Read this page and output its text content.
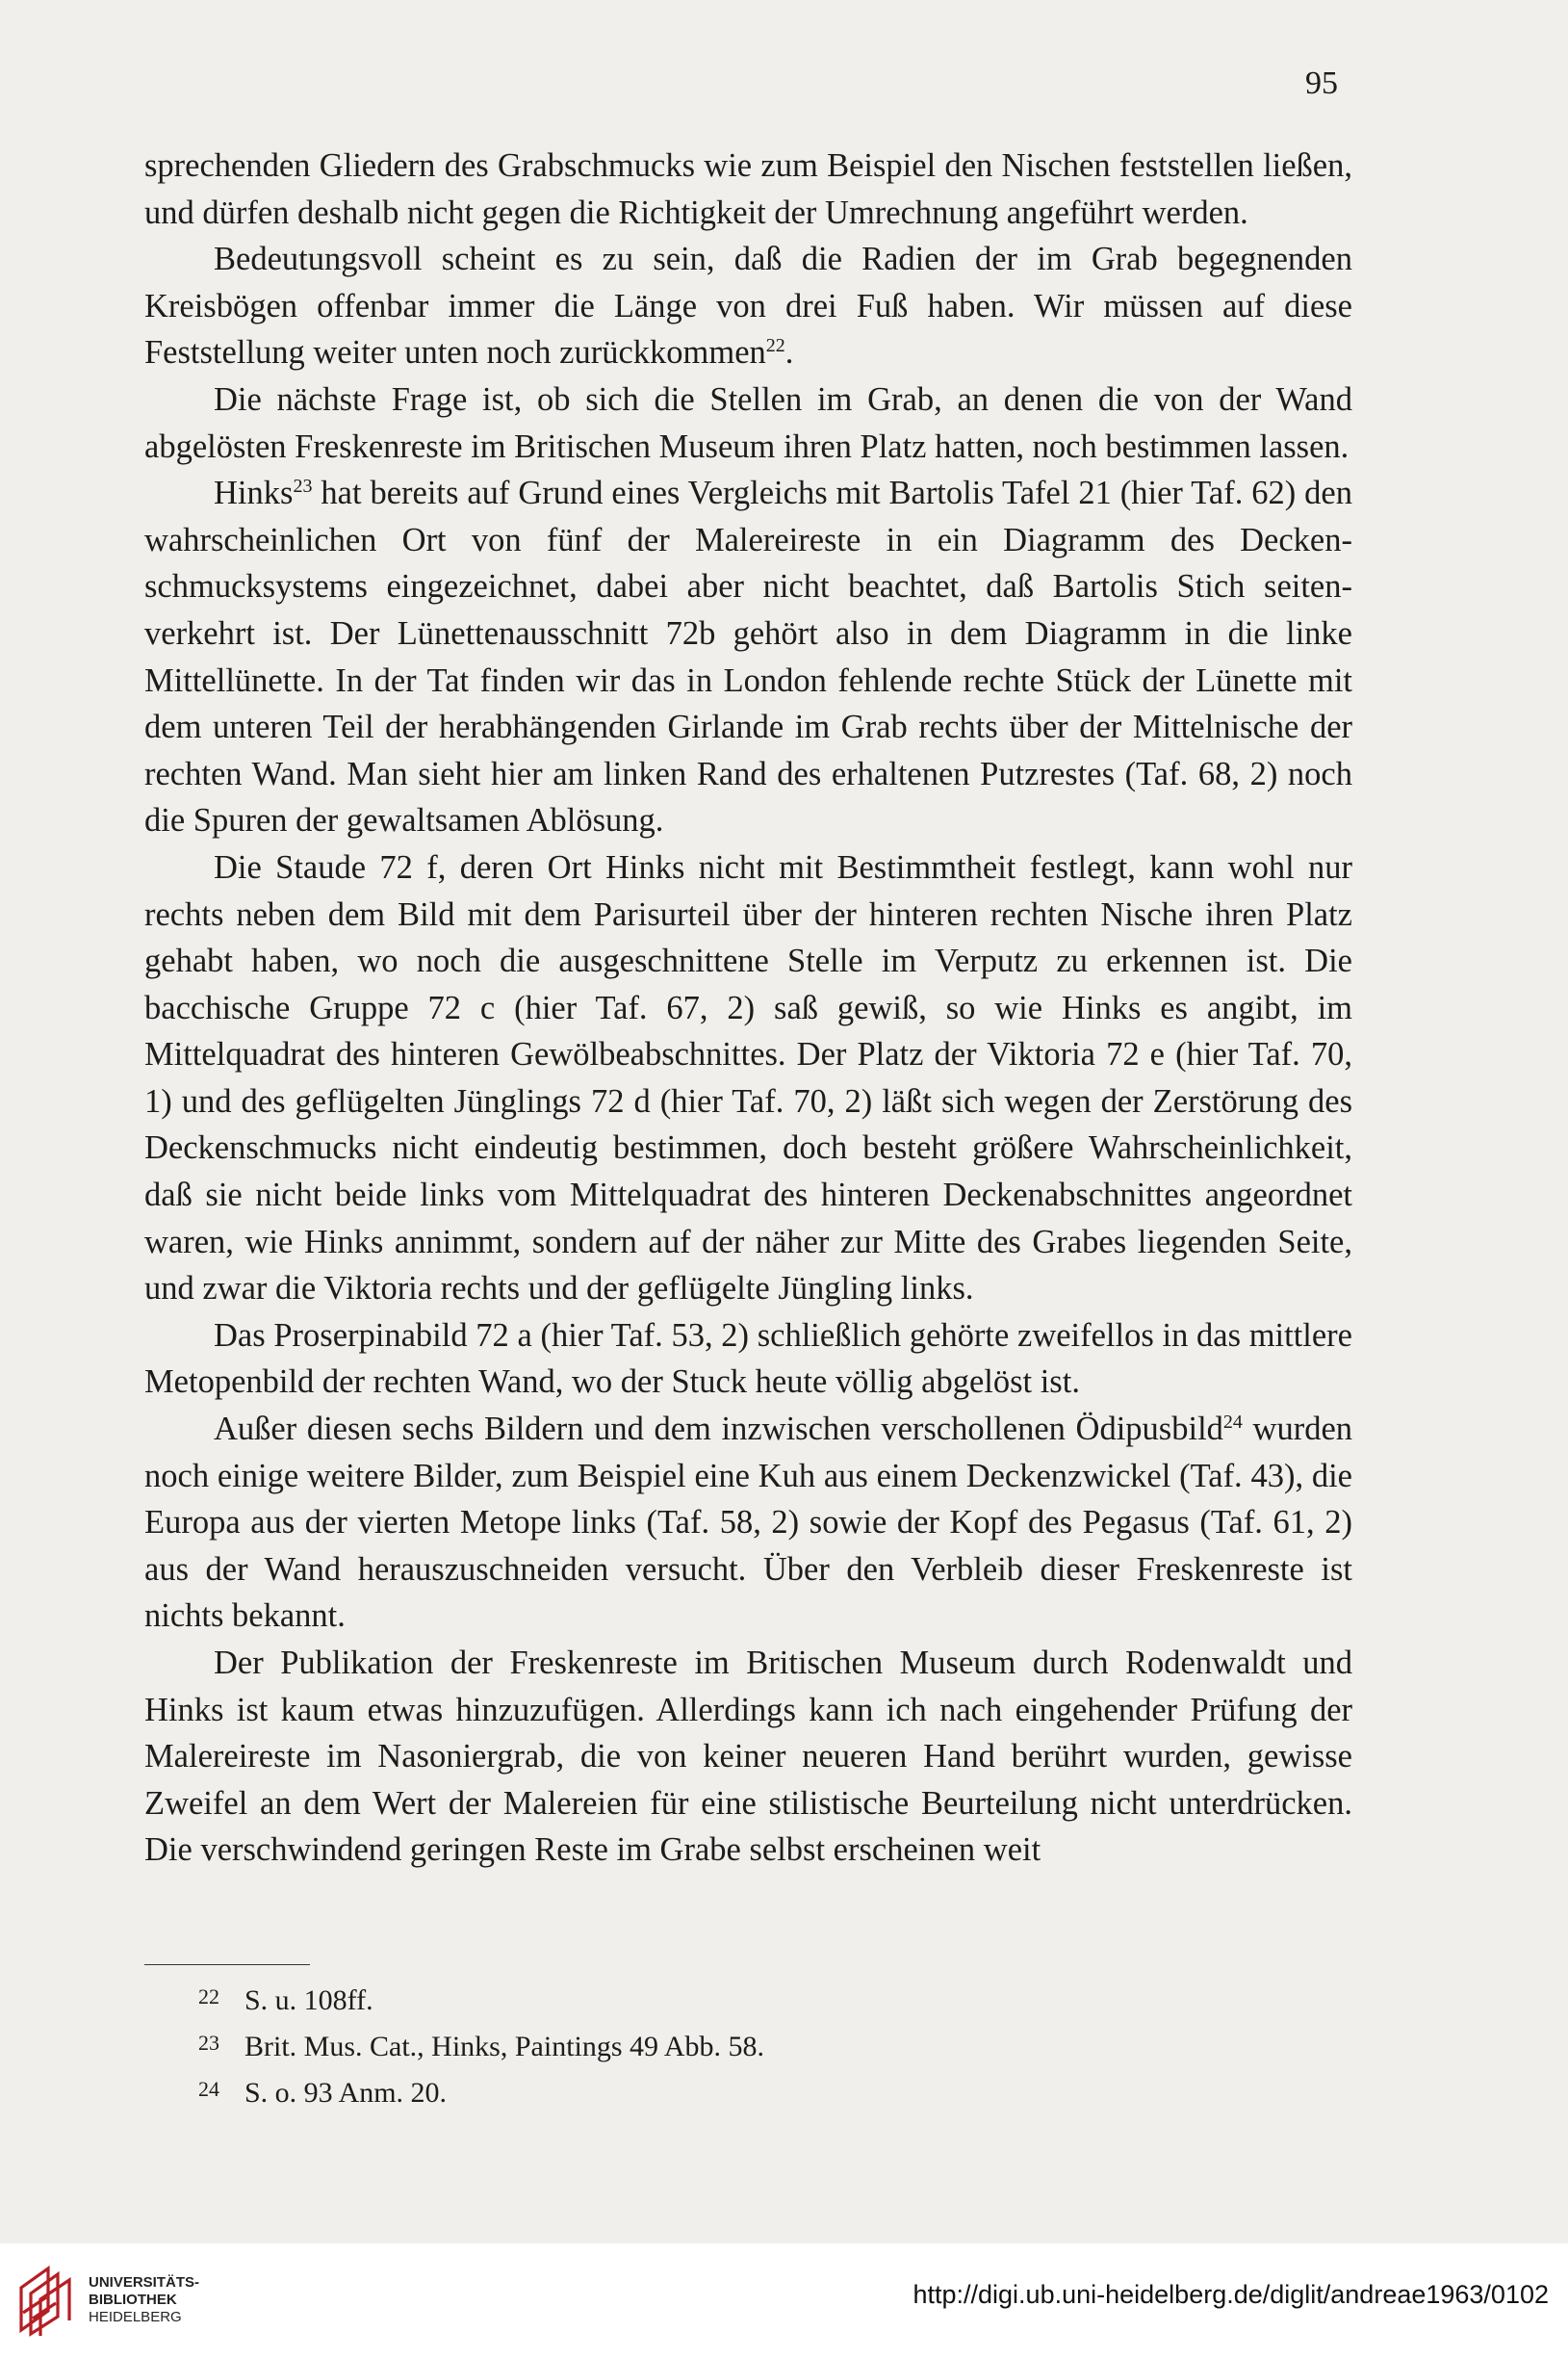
95

sprechenden Gliedern des Grabschmucks wie zum Beispiel den Nischen feststellen ließen, und dürfen deshalb nicht gegen die Richtigkeit der Umrechnung angeführt werden.

Bedeutungsvoll scheint es zu sein, daß die Radien der im Grab begegnenden Kreisbögen offenbar immer die Länge von drei Fuß haben. Wir müssen auf diese Feststellung weiter unten noch zurückkommen$^{22}$.

Die nächste Frage ist, ob sich die Stellen im Grab, an denen die von der Wand abgelösten Freskenreste im Britischen Museum ihren Platz hatten, noch bestimmen lassen.

Hinks$^{23}$ hat bereits auf Grund eines Vergleichs mit Bartolis Tafel 21 (hier Taf. 62) den wahrscheinlichen Ort von fünf der Malereireste in ein Diagramm des Deckenschmucksystems eingezeichnet, dabei aber nicht beachtet, daß Bartolis Stich seitenverkehrt ist. Der Lünettenausschnitt 72b gehört also in dem Diagramm in die linke Mittellünette. In der Tat finden wir das in London fehlende rechte Stück der Lünette mit dem unteren Teil der herabhängenden Girlande im Grab rechts über der Mittelnische der rechten Wand. Man sieht hier am linken Rand des erhaltenen Putzrestes (Taf. 68, 2) noch die Spuren der gewaltsamen Ablösung.

Die Staude 72 f, deren Ort Hinks nicht mit Bestimmtheit festlegt, kann wohl nur rechts neben dem Bild mit dem Parisurteil über der hinteren rechten Nische ihren Platz gehabt haben, wo noch die ausgeschnittene Stelle im Verputz zu erkennen ist. Die bacchische Gruppe 72 c (hier Taf. 67, 2) saß gewiß, so wie Hinks es angibt, im Mittelquadrat des hinteren Gewölbeabschnittes. Der Platz der Viktoria 72 e (hier Taf. 70, 1) und des geflügelten Jünglings 72 d (hier Taf. 70, 2) läßt sich wegen der Zerstörung des Deckenschmucks nicht eindeutig bestimmen, doch besteht größere Wahrscheinlichkeit, daß sie nicht beide links vom Mittelquadrat des hinteren Deckenabschnittes angeordnet waren, wie Hinks annimmt, sondern auf der näher zur Mitte des Grabes liegenden Seite, und zwar die Viktoria rechts und der geflügelte Jüngling links.

Das Proserpinabild 72 a (hier Taf. 53, 2) schließlich gehörte zweifellos in das mittlere Metopenbild der rechten Wand, wo der Stuck heute völlig abgelöst ist.

Außer diesen sechs Bildern und dem inzwischen verschollenen Ödipusbild$^{24}$ wurden noch einige weitere Bilder, zum Beispiel eine Kuh aus einem Deckenzwickel (Taf. 43), die Europa aus der vierten Metope links (Taf. 58, 2) sowie der Kopf des Pegasus (Taf. 61, 2) aus der Wand herauszuschneiden versucht. Über den Verbleib dieser Freskenreste ist nichts bekannt.

Der Publikation der Freskenreste im Britischen Museum durch Rodenwaldt und Hinks ist kaum etwas hinzuzufügen. Allerdings kann ich nach eingehender Prüfung der Malereireste im Nasoniergrab, die von keiner neueren Hand berührt wurden, gewisse Zweifel an dem Wert der Malereien für eine stilistische Beurteilung nicht unterdrücken. Die verschwindend geringen Reste im Grabe selbst erscheinen weit

22 S. u. 108ff.
23 Brit. Mus. Cat., Hinks, Paintings 49 Abb. 58.
24 S. o. 93 Anm. 20.
UNIVERSITÄTS-
BIBLIOTHEK
HEIDELBERG
http://digi.ub.uni-heidelberg.de/diglit/andreae1963/0102
